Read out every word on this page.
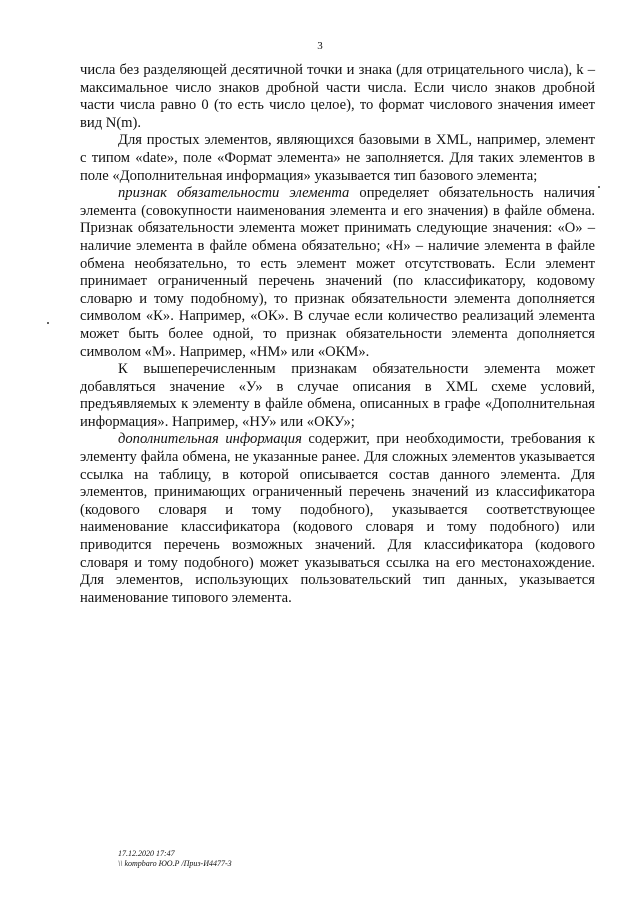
3

числа без разделяющей десятичной точки и знака (для отрицательного числа), k – максимальное число знаков дробной части числа. Если число знаков дробной части числа равно 0 (то есть число целое), то формат числового значения имеет вид N(m).

Для простых элементов, являющихся базовыми в XML, например, элемент с типом «date», поле «Формат элемента» не заполняется. Для таких элементов в поле «Дополнительная информация» указывается тип базового элемента;

признак обязательности элемента определяет обязательность наличия элемента (совокупности наименования элемента и его значения) в файле обмена. Признак обязательности элемента может принимать следующие значения: «О» – наличие элемента в файле обмена обязательно; «Н» – наличие элемента в файле обмена необязательно, то есть элемент может отсутствовать. Если элемент принимает ограниченный перечень значений (по классификатору, кодовому словарю и тому подобному), то признак обязательности элемента дополняется символом «К». Например, «ОК». В случае если количество реализаций элемента может быть более одной, то признак обязательности элемента дополняется символом «М». Например, «НМ» или «ОКМ».

К вышеперечисленным признакам обязательности элемента может добавляться значение «У» в случае описания в XML схеме условий, предъявляемых к элементу в файле обмена, описанных в графе «Дополнительная информация». Например, «НУ» или «ОКУ»;

дополнительная информация содержит, при необходимости, требования к элементу файла обмена, не указанные ранее. Для сложных элементов указывается ссылка на таблицу, в которой описывается состав данного элемента. Для элементов, принимающих ограниченный перечень значений из классификатора (кодового словаря и тому подобного), указывается соответствующее наименование классификатора (кодового словаря и тому подобного) или приводится перечень возможных значений. Для классификатора (кодового словаря и тому подобного) может указываться ссылка на его местонахождение. Для элементов, использующих пользовательский тип данных, указывается наименование типового элемента.

17.12.2020 17:47
\\ kompbaro ЮО.Р /Приз-И4477-3
